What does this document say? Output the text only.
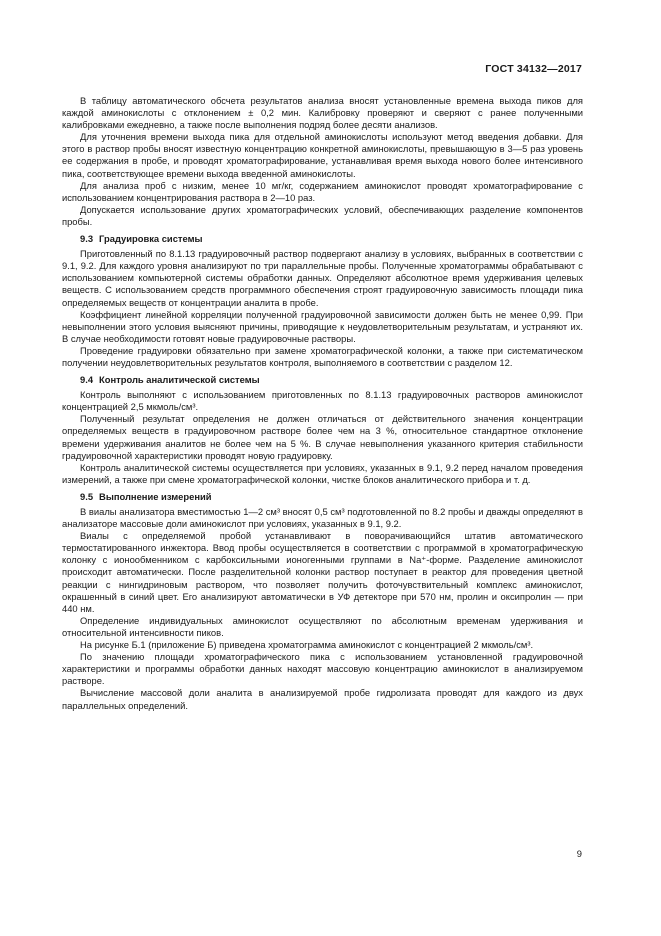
ГОСТ 34132—2017

В таблицу автоматического обсчета результатов анализа вносят установленные времена выхода пиков для каждой аминокислоты с отклонением ± 0,2 мин. Калибровку проверяют и сверяют с ранее полученными калибровками ежедневно, а также после выполнения подряд более десяти анализов.

Для уточнения времени выхода пика для отдельной аминокислоты используют метод введения добавки. Для этого в раствор пробы вносят известную концентрацию конкретной аминокислоты, превышающую в 3—5 раз уровень ее содержания в пробе, и проводят хроматографирование, устанавливая время выхода нового более интенсивного пика, соответствующее времени выхода введенной аминокислоты.

Для анализа проб с низким, менее 10 мг/кг, содержанием аминокислот проводят хроматографирование с использованием концентрирования раствора в 2—10 раз.

Допускается использование других хроматографических условий, обеспечивающих разделение компонентов пробы.

9.3 Градуировка системы

Приготовленный по 8.1.13 градуировочный раствор подвергают анализу в условиях, выбранных в соответствии с 9.1, 9.2. Для каждого уровня анализируют по три параллельные пробы. Полученные хроматограммы обрабатывают с использованием компьютерной системы обработки данных. Определяют абсолютное время удерживания целевых веществ. С использованием средств программного обеспечения строят градуировочную зависимость площади пика определяемых веществ от концентрации аналита в пробе.

Коэффициент линейной корреляции полученной градуировочной зависимости должен быть не менее 0,99. При невыполнении этого условия выясняют причины, приводящие к неудовлетворительным результатам, и устраняют их. В случае необходимости готовят новые градуировочные растворы.

Проведение градуировки обязательно при замене хроматографической колонки, а также при систематическом получении неудовлетворительных результатов контроля, выполняемого в соответствии с разделом 12.

9.4 Контроль аналитической системы

Контроль выполняют с использованием приготовленных по 8.1.13 градуировочных растворов аминокислот концентрацией 2,5 мкмоль/см³.

Полученный результат определения не должен отличаться от действительного значения концентрации определяемых веществ в градуировочном растворе более чем на 3 %, относительное стандартное отклонение времени удерживания аналитов не более чем на 5 %. В случае невыполнения указанного критерия стабильности градуировочной характеристики проводят новую градуировку.

Контроль аналитической системы осуществляется при условиях, указанных в 9.1, 9.2 перед началом проведения измерений, а также при смене хроматографической колонки, чистке блоков аналитического прибора и т. д.

9.5 Выполнение измерений

В виалы анализатора вместимостью 1—2 см³ вносят 0,5 см³ подготовленной по 8.2 пробы и дважды определяют в анализаторе массовые доли аминокислот при условиях, указанных в 9.1, 9.2.

Виалы с определяемой пробой устанавливают в поворачивающийся штатив автоматического термостатированного инжектора. Ввод пробы осуществляется в соответствии с программой в хроматографическую колонку с ионообменником с карбоксильными ионогенными группами в Na⁺-форме. Разделение аминокислот происходит автоматически. После разделительной колонки раствор поступает в реактор для проведения цветной реакции с нингидриновым раствором, что позволяет получить фоточувствительный комплекс аминокислот, окрашенный в синий цвет. Его анализируют автоматически в УФ детекторе при 570 нм, пролин и оксипролин — при 440 нм.

Определение индивидуальных аминокислот осуществляют по абсолютным временам удерживания и относительной интенсивности пиков.

На рисунке Б.1 (приложение Б) приведена хроматограмма аминокислот с концентрацией 2 мкмоль/см³.

По значению площади хроматографического пика с использованием установленной градуировочной характеристики и программы обработки данных находят массовую концентрацию аминокислот в анализируемом растворе.

Вычисление массовой доли аналита в анализируемой пробе гидролизата проводят для каждого из двух параллельных определений.

9
